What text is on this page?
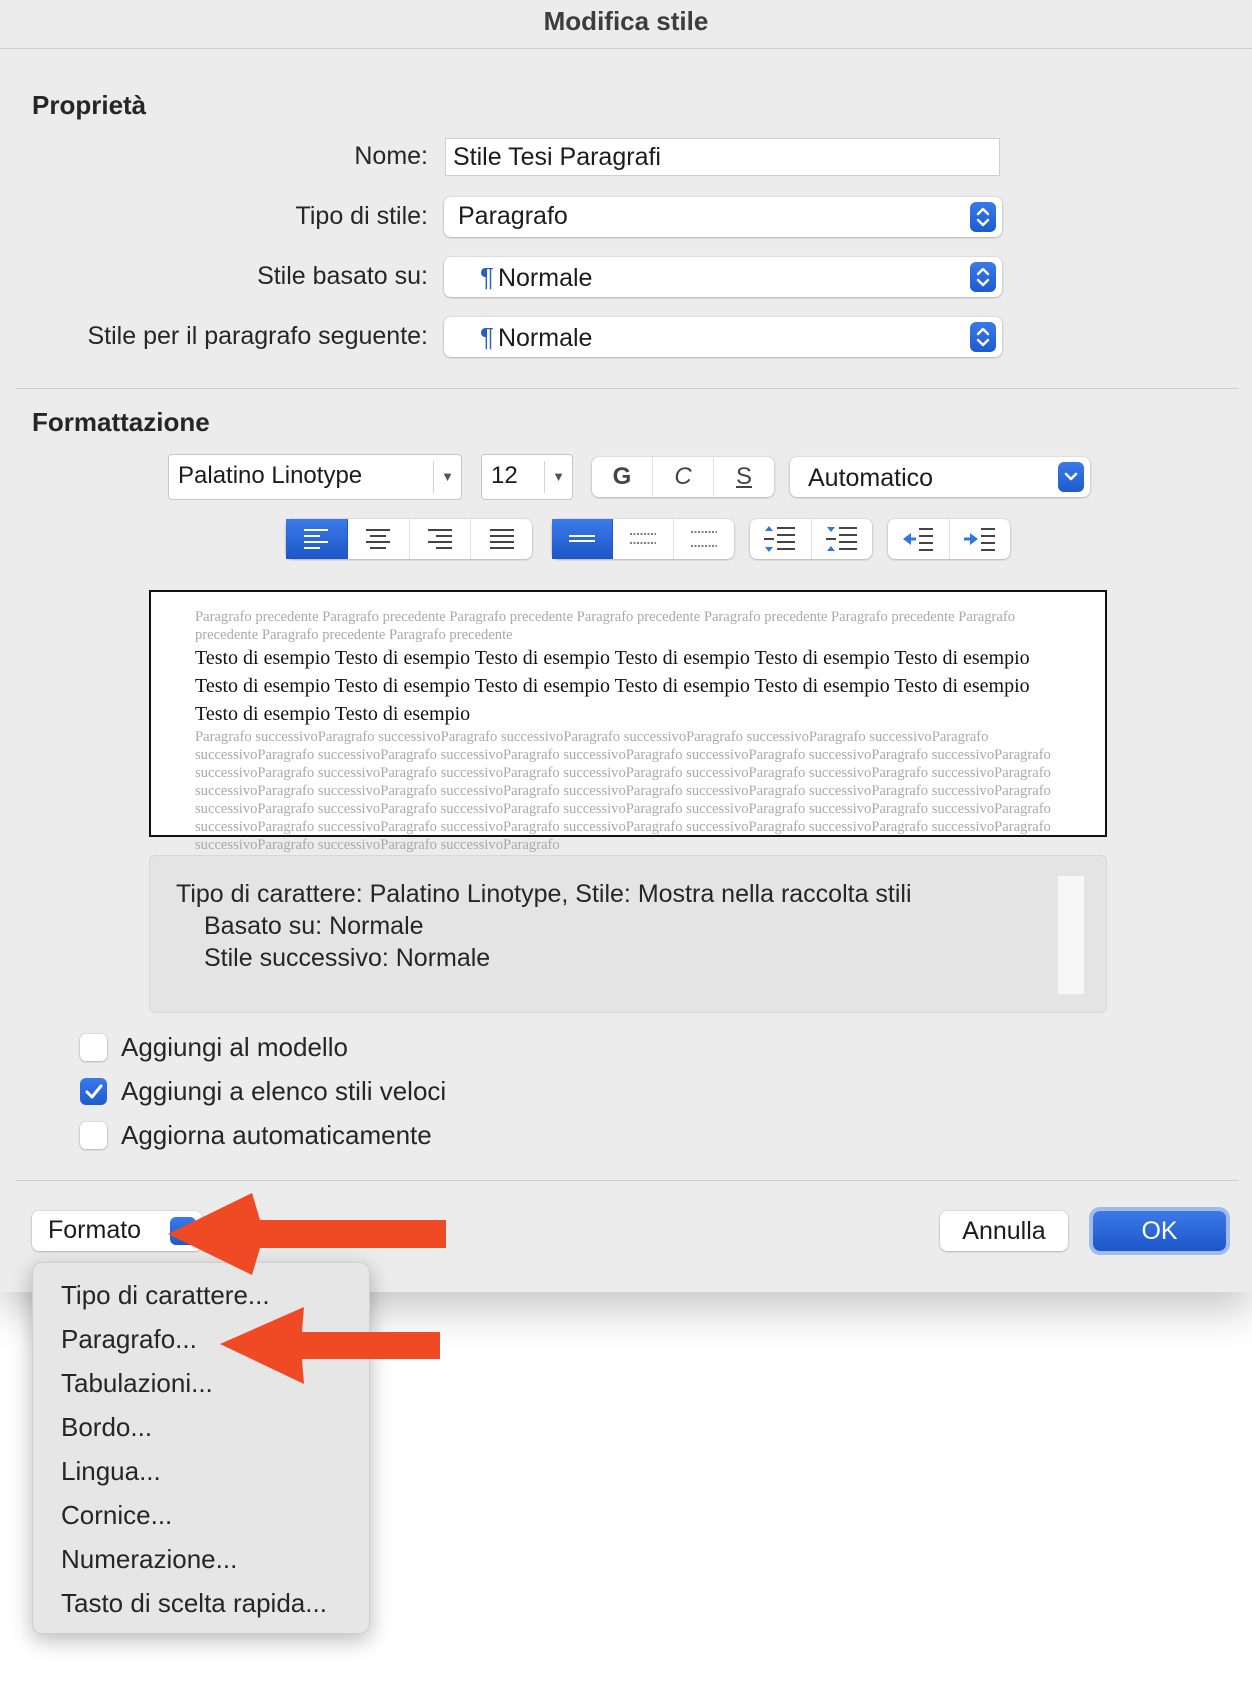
Modifica stile
Proprietà
Nome:	Stile Tesi Paragrafi
Tipo di stile:	Paragrafo
Stile basato su:	¶ Normale
Stile per il paragrafo seguente:	¶ Normale
Formattazione
Palatino Linotype	▼	12	▼	G	C	S	Automatico
Paragrafo precedente Paragrafo precedente Paragrafo precedente Paragrafo precedente Paragrafo precedente Paragrafo precedente Paragrafo precedente Paragrafo precedente Paragrafo precedente
Testo di esempio Testo di esempio Testo di esempio Testo di esempio Testo di esempio Testo di esempio Testo di esempio Testo di esempio Testo di esempio Testo di esempio Testo di esempio Testo di esempio Testo di esempio Testo di esempio
Paragrafo successivoParagrafo successivoParagrafo successivoParagrafo successivoParagrafo successivoParagrafo successivoParagrafo successivoParagrafo successivoParagrafo successivoParagrafo successivoParagrafo successivoParagrafo successivoParagrafo successivoParagrafo successivoParagrafo successivoParagrafo successivoParagrafo successivoParagrafo successivoParagrafo successivoParagrafo successivoParagrafo successivoParagrafo successivoParagrafo successivoParagrafo successivoParagrafo successivoParagrafo successivoParagrafo successivoParagrafo successivoParagrafo successivoParagrafo successivoParagrafo successivoParagrafo successivoParagrafo successivoParagrafo successivoParagrafo successivoParagrafo successivoParagrafo successivoParagrafo successivoParagrafo successivoParagrafo successivoParagrafo successivoParagrafo successivoParagrafo successivoParagrafo successivoParagrafo
Tipo di carattere: Palatino Linotype, Stile: Mostra nella raccolta stili
Basato su: Normale
Stile successivo: Normale
Aggiungi al modello
Aggiungi a elenco stili veloci
Aggiorna automaticamente
Formato	Annulla	OK
Tipo di carattere...
Paragrafo...
Tabulazioni...
Bordo...
Lingua...
Cornice...
Numerazione...
Tasto di scelta rapida...
